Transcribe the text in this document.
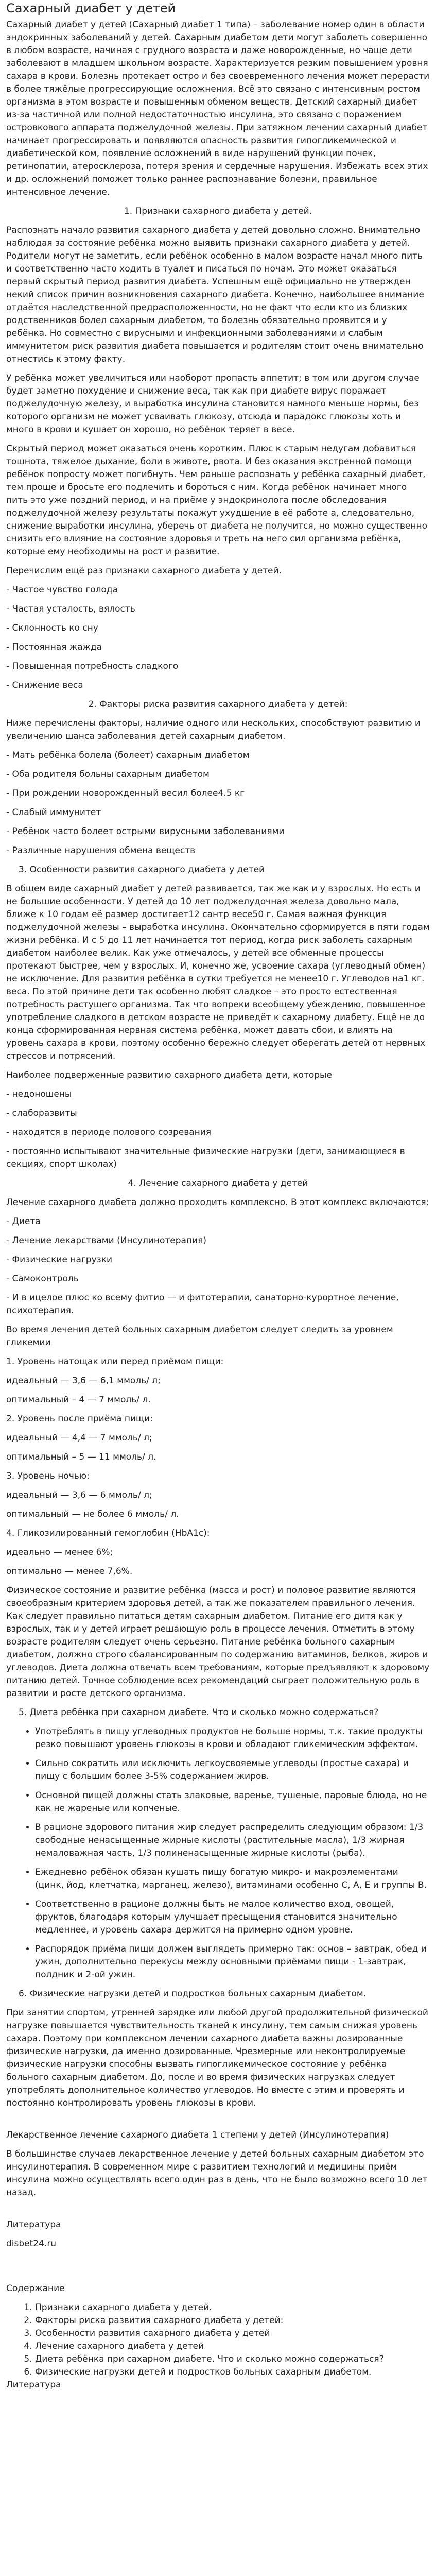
Сахарный диабет у детей

Сахарный диабет у детей (Сахарный диабет 1 типа) – заболевание номер один в области эндокринных заболеваний у детей. Сахарным диабетом дети могут заболеть совершенно в любом возрасте, начиная с грудного возраста и даже новорожденные, но чаще дети заболевают в младшем школьном возрасте. Характеризуется резким повышением уровня сахара в крови. Болезнь протекает остро и без своевременного лечения может перерасти в более тяжёлые прогрессирующие осложнения. Всё это связано с интенсивным ростом организма в этом возрасте и повышенным обменом веществ. Детский сахарный диабет из-за частичной или полной недостаточностью инсулина, это связано с поражением островкового аппарата поджелудочной железы. При затяжном лечении сахарный диабет начинает прогрессировать и появляются опасность развития гипогликемической и диабетической ком, появление осложнений в виде нарушений функции почек, ретинопатии, атеросклероза, потеря зрения и сердечные нарушения. Избежать всех этих и др. осложнений поможет только раннее распознавание болезни, правильное интенсивное лечение.

1. Признаки сахарного диабета у детей.

Распознать начало развития сахарного диабета у детей довольно сложно. Внимательно наблюдая за состояние ребёнка можно выявить признаки сахарного диабета у детей. Родители могут не заметить, если ребёнок особенно в малом возрасте начал много пить и соответственно часто ходить в туалет и писаться по ночам. Это может оказаться первый скрытый период развития диабета. Успешным ещё официально не утвержден некий список причин возникновения сахарного диабета. Конечно, наибольшее внимание отдаётся наследственной предрасположенности, но не факт что если кто из близких родственников болел сахарным диабетом, то болезнь обязательно проявится и у ребёнка. Но совместно с вирусными и инфекционными заболеваниями и слабым иммунитетом риск развития диабета повышается и родителям стоит очень внимательно отнестись к этому факту.

У ребёнка может увеличиться или наоборот пропасть аппетит; в том или другом случае будет заметно похудение и снижение веса, так как при диабете вирус поражает поджелудочную железу, и выработка инсулина становится намного меньше нормы, без которого организм не может усваивать глюкозу, отсюда и парадокс глюкозы хоть и много в крови и кушает он хорошо, но ребёнок теряет в весе.

Скрытый период может оказаться очень коротким. Плюс к старым недугам добавиться тошнота, тяжелое дыхание, боли в животе, рвота. И без оказания экстренной помощи ребёнок попросту может погибнуть. Чем раньше распознать у ребёнка сахарный диабет, тем проще и бросьте его подлечить и бороться с ним. Когда ребёнок начинает много пить это уже поздний период, и на приёме у эндокринолога после обследования поджелудочной железу результаты покажут ухудшение в её работе а, следовательно, снижение выработки инсулина, уберечь от диабета не получится, но можно существенно снизить его влияние на состояние здоровья и треть на него сил организма ребёнка, которые ему необходимы на рост и развитие.

Перечислим ещё раз признаки сахарного диабета у детей.

- Частое чувство голода

- Частая усталость, вялость

- Склонность ко сну

- Постоянная жажда

- Повышенная потребность сладкого

- Снижение веса

2. Факторы риска развития сахарного диабета у детей:

Ниже перечислены факторы, наличие одного или нескольких, способствуют развитию и увеличению шанса заболевания детей сахарным диабетом.

- Мать ребёнка болела (болеет) сахарным диабетом

- Оба родителя больны сахарным диабетом

- При рождении новорожденный весил более4.5 кг

- Слабый иммунитет

- Ребёнок часто болеет острыми вирусными заболеваниями

- Различные нарушения обмена веществ

3. Особенности развития сахарного диабета у детей

В общем виде сахарный диабет у детей развивается, так же как и у взрослых. Но есть и не большие особенности. У детей до 10 лет поджелудочная железа довольно мала, ближе к 10 годам её размер достигает12 сантр весе50 г. Самая важная функция поджелудочной железы – выработка инсулина. Окончательно сформируется в пяти годам жизни ребёнка. И с 5 до 11 лет начинается тот период, когда риск заболеть сахарным диабетом наиболее велик. Как уже отмечалось, у детей все обменные процессы протекают быстрее, чем у взрослых. И, конечно же, усвоение сахара (углеводный обмен) не исключение. Для развития ребёнка в сутки требуется не менее10 г. Углеводов на1 кг. веса. По этой причине дети так особенно любят сладкое – это просто естественная потребность растущего организма. Так что вопреки всеобщему убеждению, повышенное употребление сладкого в детском возрасте не приведёт к сахарному диабету. Ещё не до конца сформированная нервная система ребёнка, может давать сбои, и влиять на уровень сахара в крови, поэтому особенно бережно следует оберегать детей от нервных стрессов и потрясений.

Наиболее подверженные развитию сахарного диабета дети, которые

- недоношены

- слаборазвиты

- находятся в периоде полового созревания

- постоянно испытывают значительные физические нагрузки (дети, занимающиеся в секциях, спорт школах)

4. Лечение сахарного диабета у детей

Лечение сахарного диабета должно проходить комплексно. В этот комплекс включаются:

- Диета

- Лечение лекарствами (Инсулинотерапия)

- Физические нагрузки

- Самоконтроль

- И в ицелое плюс ко всему фитио — и фитотерапии, санаторно-курортное лечение, психотерапия.

Во время лечения детей больных сахарным диабетом следует следить за уровнем гликемии

1. Уровень натощак или перед приёмом пищи:

идеальный — 3,6 — 6,1 ммоль/ л;

оптимальный – 4 — 7 ммоль/ л.

2. Уровень после приёма пищи:

идеальный — 4,4 — 7 ммоль/ л;

оптимальный – 5 — 11 ммоль/ л.

3. Уровень ночью:

идеальный — 3,6 — 6 ммоль/ л;

оптимальный — не более 6 ммоль/ л.

4. Гликозилированный гемоглобин (НbA1c):

идеально — менее 6%;

оптимально — менее 7,6%.

Физическое состояние и развитие ребёнка (масса и рост) и половое развитие являются своеобразным критерием здоровья детей, а так же показателем правильного лечения. Как следует правильно питаться детям сахарным диабетом. Питание его дитя как у взрослых, так и у детей играет решающую роль в процессе лечения. Отметить в этому возрасте родителям следует очень серьезно. Питание ребёнка больного сахарным диабетом, должно строго сбалансированным по содержанию витаминов, белков, жиров и углеводов. Диета должна отвечать всем требованиям, которые предъявляют к здоровому питанию детей. Точное соблюдение всех рекомендаций сыграет положительную роль в развитии и росте детского организма.

5. Диета ребёнка при сахарном диабете. Что и сколько можно содержаться?

• Употреблять в пищу углеводных продуктов не больше нормы, т.к. такие продукты резко повышают уровень глюкозы в крови и обладают гликемическим эффектом.
• Сильно сократить или исключить легкоусвояемые углеводы (простые сахара) и пищу с большим более 3-5% содержанием жиров.
• Основной пищей должны стать злаковые, варенье, тушеные, паровые блюда, но не как не жареные или копченые.
• В рационе здорового питания жир следует распределить следующим образом: 1/3 свободные ненасыщенные жирные кислоты (растительные масла), 1/3 жирная немаловажная часть, 1/3 полиненасыщенные жирные кислоты (рыба).
• Ежедневно ребёнок обязан кушать пищу богатую микро- и макроэлементами (цинк, йод, клетчатка, марганец, железо), витаминами особенно С, А, Е и группы В.
• Соответственно в рационе должны быть не малое количество вход, овощей, фруктов, благодаря которым улучшает пресыщения становится значительно медленнее, и уровень сахара держится на примерно одном уровне.
• Распорядок приёма пищи должен выглядеть примерно так: основ – завтрак, обед и ужин, дополнительно перекусы между основными приёмами пищи - 1-завтрак, полдник и 2-ой ужин.

6. Физические нагрузки детей и подростков больных сахарным диабетом.

При занятии спортом, утренней зарядке или любой другой продолжительной физической нагрузке повышается чувствительность тканей к инсулину, тем самым снижая уровень сахара. Поэтому при комплексном лечении сахарного диабета важны дозированные физические нагрузки, да именно дозированные. Чрезмерные или неконтролируемые физические нагрузки способны вызвать гипогликемическое состояние у ребёнка больного сахарным диабетом. До, после и во время физических нагрузках следует употреблять дополнительное количество углеводов. Но вместе с этим и проверять и постоянно контролировать уровень глюкозы в крови.

Лекарственное лечение сахарного диабета 1 степени у детей (Инсулинотерапия)

В большинстве случаев лекарственное лечение у детей больных сахарным диабетом это инсулинотерапия. В современном мире с развитием технологий и медицины приём инсулина можно осуществлять всего один раз в день, что не было возможно всего 10 лет назад.

Литература

disbet24.ru

Содержание

1. Признаки сахарного диабета у детей.
2. Факторы риска развития сахарного диабета у детей:
3. Особенности развития сахарного диабета у детей
4. Лечение сахарного диабета у детей
5. Диета ребёнка при сахарном диабете. Что и сколько можно содержаться?
6. Физические нагрузки детей и подростков больных сахарным диабетом.

Литература
